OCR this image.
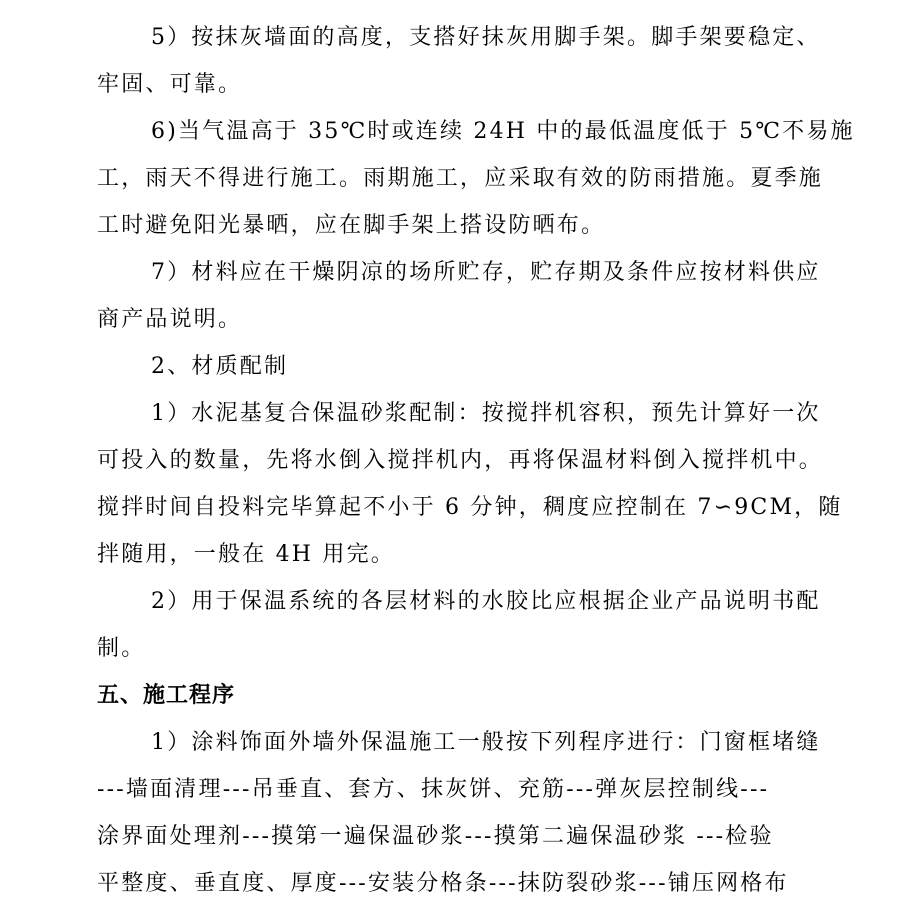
5）按抹灰墙面的高度，支搭好抹灰用脚手架。脚手架要稳定、
牢固、可靠。
6)当气温高于 35℃时或连续 24H 中的最低温度低于 5℃不易施
工，雨天不得进行施工。雨期施工，应采取有效的防雨措施。夏季施
工时避免阳光暴晒，应在脚手架上搭设防晒布。
7）材料应在干燥阴凉的场所贮存，贮存期及条件应按材料供应
商产品说明。
2、材质配制
1）水泥基复合保温砂浆配制：按搅拌机容积，预先计算好一次
可投入的数量，先将水倒入搅拌机内，再将保温材料倒入搅拌机中。
搅拌时间自投料完毕算起不小于 6 分钟，稠度应控制在 7∽9CM，随
拌随用，一般在 4H 用完。
2）用于保温系统的各层材料的水胶比应根据企业产品说明书配
制。
五、施工程序
1）涂料饰面外墙外保温施工一般按下列程序进行：门窗框堵缝
---墙面清理---吊垂直、套方、抹灰饼、充筋---弹灰层控制线---
涂界面处理剂---摸第一遍保温砂浆---摸第二遍保温砂浆 ---检验
平整度、垂直度、厚度---安装分格条---抹防裂砂浆---铺压网格布
